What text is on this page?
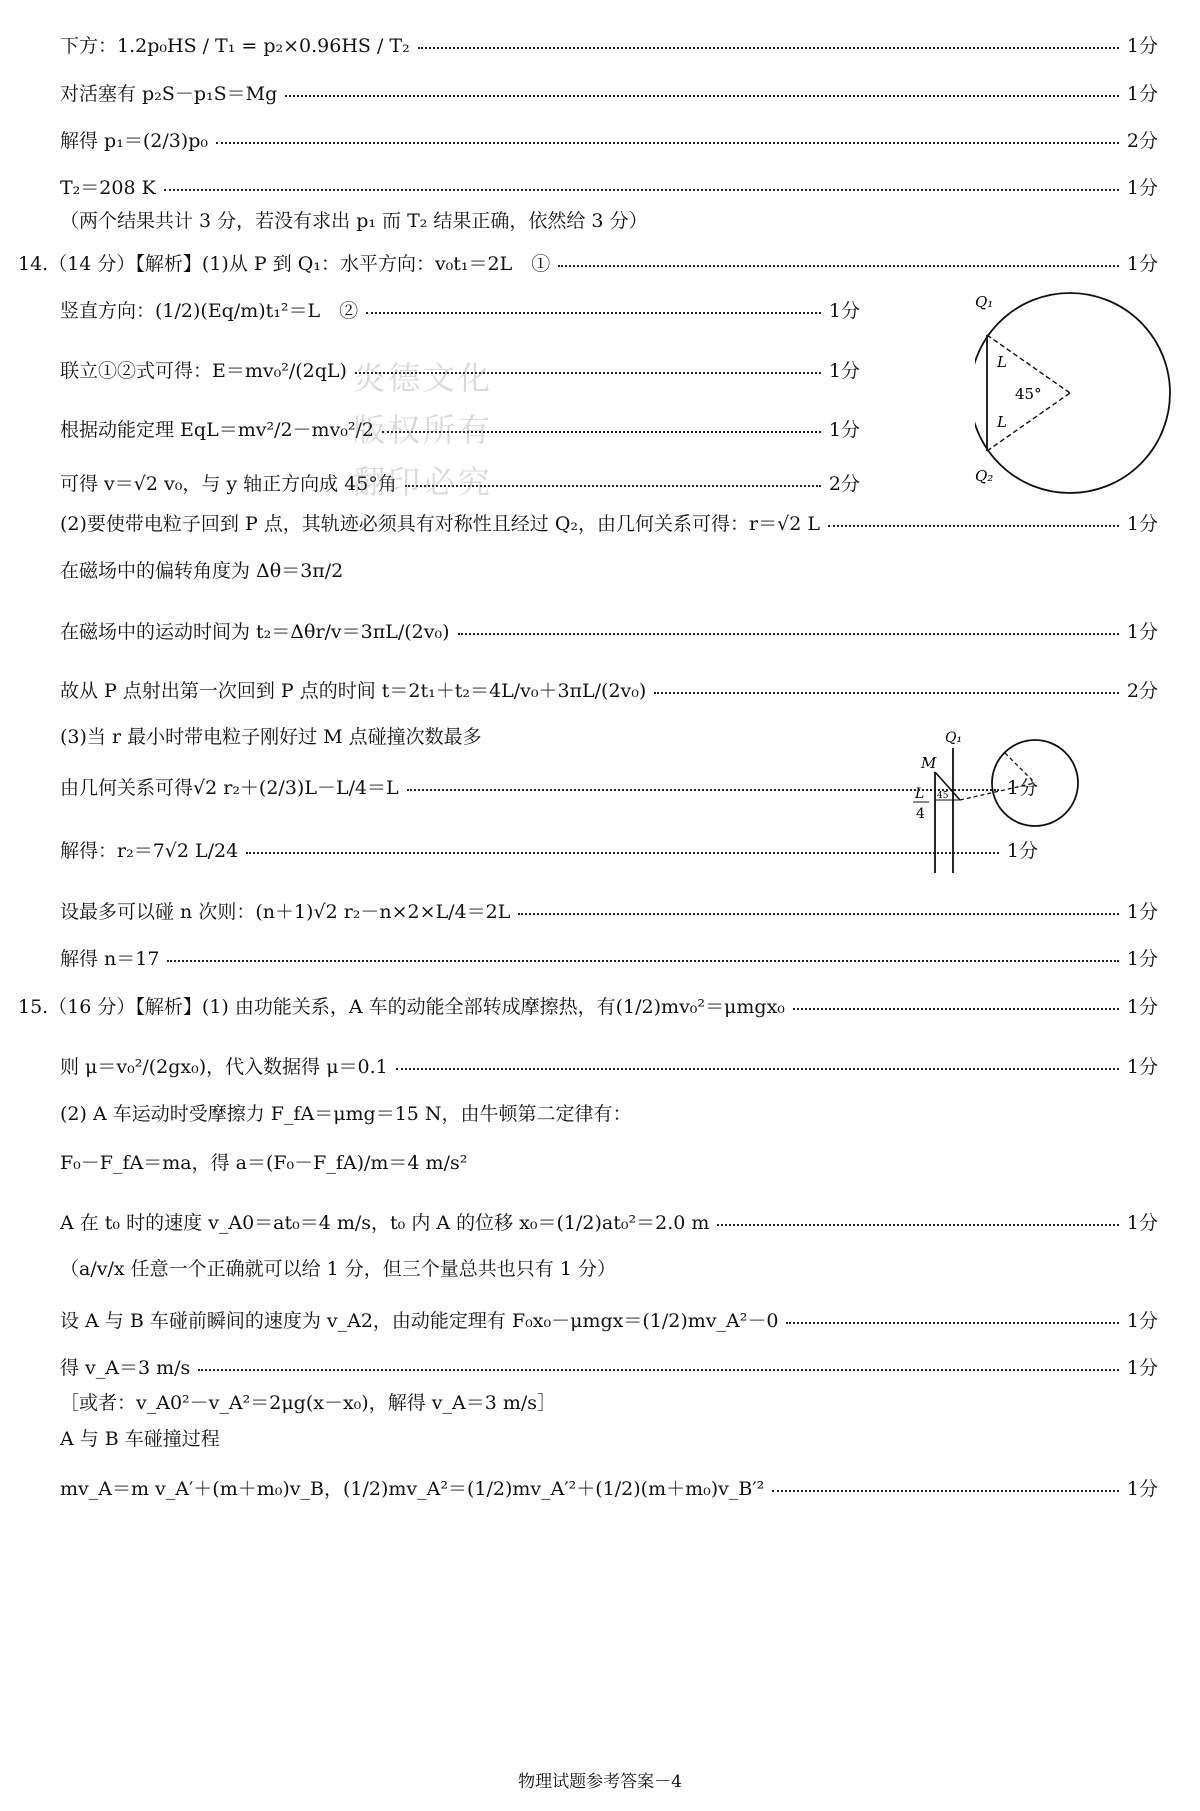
下方：1.2p₀HS / T₁ = p₂×0.96HS / T₂	1分
对活塞有 p₂S－p₁S＝Mg	1分
解得 p₁＝(2/3)p₀	2分
T₂＝208 K	1分
（两个结果共计 3 分，若没有求出 p₁ 而 T₂ 结果正确，依然给 3 分）
14.（14 分）【解析】(1)从 P 到 Q₁：水平方向：v₀t₁＝2L　①	1分
竖直方向：(1/2)(Eq/m)t₁²＝L　②	1分
联立①②式可得：E＝mv₀²/(2qL)	1分
根据动能定理 EqL＝mv²/2－mv₀²/2	1分
可得 v＝√2 v₀，与 y 轴正方向成 45°角	2分
(2)要使带电粒子回到 P 点，其轨迹必须具有对称性且经过 Q₂，由几何关系可得：r＝√2 L	1分
在磁场中的偏转角度为 Δθ＝3π/2
在磁场中的运动时间为 t₂＝Δθr/v＝3πL/(2v₀)	1分
故从 P 点射出第一次回到 P 点的时间 t＝2t₁＋t₂＝4L/v₀＋3πL/(2v₀)	2分
(3)当 r 最小时带电粒子刚好过 M 点碰撞次数最多
由几何关系可得√2 r₂＋(2/3)L－L/4＝L	1分
解得：r₂＝7√2 L/24	1分
设最多可以碰 n 次则：(n＋1)√2 r₂－n×2×L/4＝2L	1分
解得 n＝17	1分
15.（16 分）【解析】(1) 由功能关系，A 车的动能全部转成摩擦热，有(1/2)mv₀²＝μmgx₀	1分
则 μ＝v₀²/(2gx₀)，代入数据得 μ＝0.1	1分
(2) A 车运动时受摩擦力 F_fA＝μmg＝15 N，由牛顿第二定律有：
F₀－F_fA＝ma，得 a＝(F₀－F_fA)/m＝4 m/s²
A 在 t₀ 时的速度 v_A0＝at₀＝4 m/s，t₀ 内 A 的位移 x₀＝(1/2)at₀²＝2.0 m	1分
（a/v/x 任意一个正确就可以给 1 分，但三个量总共也只有 1 分）
设 A 与 B 车碰前瞬间的速度为 v_A2，由动能定理有 F₀x₀－μmgx＝(1/2)mv_A²－0	1分
得 v_A＝3 m/s	1分
［或者：v_A0²－v_A²＝2μg(x－x₀)，解得 v_A＝3 m/s］
A 与 B 车碰撞过程
mv_A＝m v_A′＋(m＋m₀)v_B，(1/2)mv_A²＝(1/2)mv_A′²＋(1/2)(m＋m₀)v_B′²	1分
炎德文化
版权所有
翻印必究
Q₁
Q₂
L
L
45°
Q₁
M
L
4
45
物理试题参考答案－4
